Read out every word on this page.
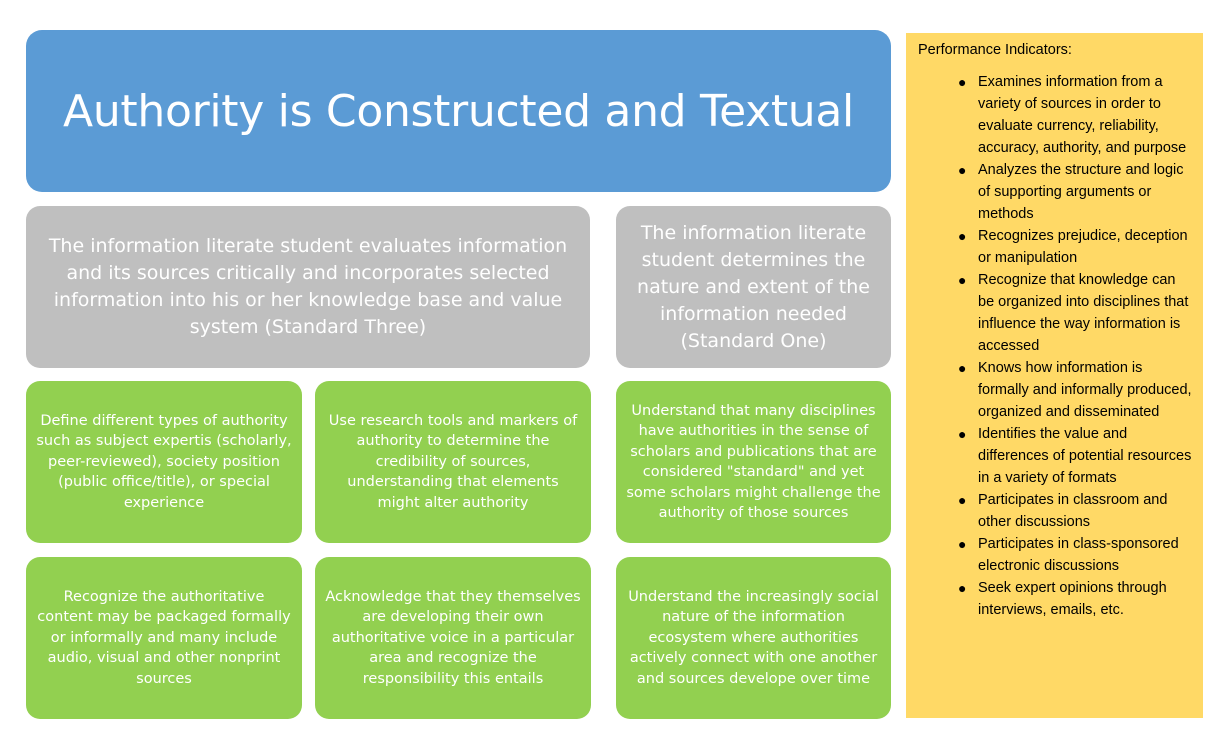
Authority is Constructed and Textual
The information literate student evaluates information and its sources critically and incorporates selected information into his or her knowledge base and value system (Standard Three)
The information literate student determines the nature and extent of the information needed (Standard One)
Define different types of authority such as subject expertis (scholarly, peer-reviewed), society position (public office/title), or special experience
Use research tools and markers of authority to determine the credibility of sources, understanding that elements might alter authority
Understand that many disciplines have authorities in the sense of scholars and publications that are considered "standard" and yet some scholars might challenge the authority of those sources
Recognize the authoritative content may be packaged formally or informally and many include audio, visual and other nonprint sources
Acknowledge that they themselves are developing their own authoritative voice in a particular area and recognize the responsibility this entails
Understand the increasingly social nature of the information ecosystem where authorities actively connect with one another and sources develope over time
Performance Indicators:
● Examines information from a variety of sources in order to evaluate currency, reliability, accuracy, authority, and purpose
● Analyzes the structure and logic of supporting arguments or methods
● Recognizes prejudice, deception or manipulation
● Recognize that knowledge can be organized into disciplines that influence the way information is accessed
● Knows how information is formally and informally produced, organized and disseminated
● Identifies the value and differences of potential resources in a variety of formats
● Participates in classroom and other discussions
● Participates in class-sponsored electronic discussions
● Seek expert opinions through interviews, emails, etc.
